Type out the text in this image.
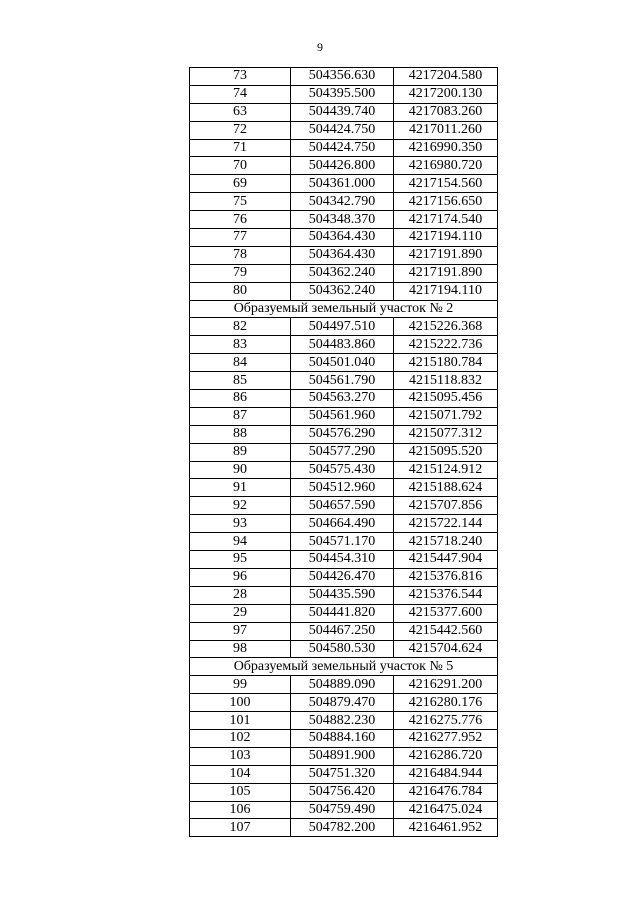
9
73	504356.630	4217204.580
74	504395.500	4217200.130
63	504439.740	4217083.260
72	504424.750	4217011.260
71	504424.750	4216990.350
70	504426.800	4216980.720
69	504361.000	4217154.560
75	504342.790	4217156.650
76	504348.370	4217174.540
77	504364.430	4217194.110
78	504364.430	4217191.890
79	504362.240	4217191.890
80	504362.240	4217194.110
Образуемый земельный участок № 2		
82	504497.510	4215226.368
83	504483.860	4215222.736
84	504501.040	4215180.784
85	504561.790	4215118.832
86	504563.270	4215095.456
87	504561.960	4215071.792
88	504576.290	4215077.312
89	504577.290	4215095.520
90	504575.430	4215124.912
91	504512.960	4215188.624
92	504657.590	4215707.856
93	504664.490	4215722.144
94	504571.170	4215718.240
95	504454.310	4215447.904
96	504426.470	4215376.816
28	504435.590	4215376.544
29	504441.820	4215377.600
97	504467.250	4215442.560
98	504580.530	4215704.624
Образуемый земельный участок № 5		
99	504889.090	4216291.200
100	504879.470	4216280.176
101	504882.230	4216275.776
102	504884.160	4216277.952
103	504891.900	4216286.720
104	504751.320	4216484.944
105	504756.420	4216476.784
106	504759.490	4216475.024
107	504782.200	4216461.952
